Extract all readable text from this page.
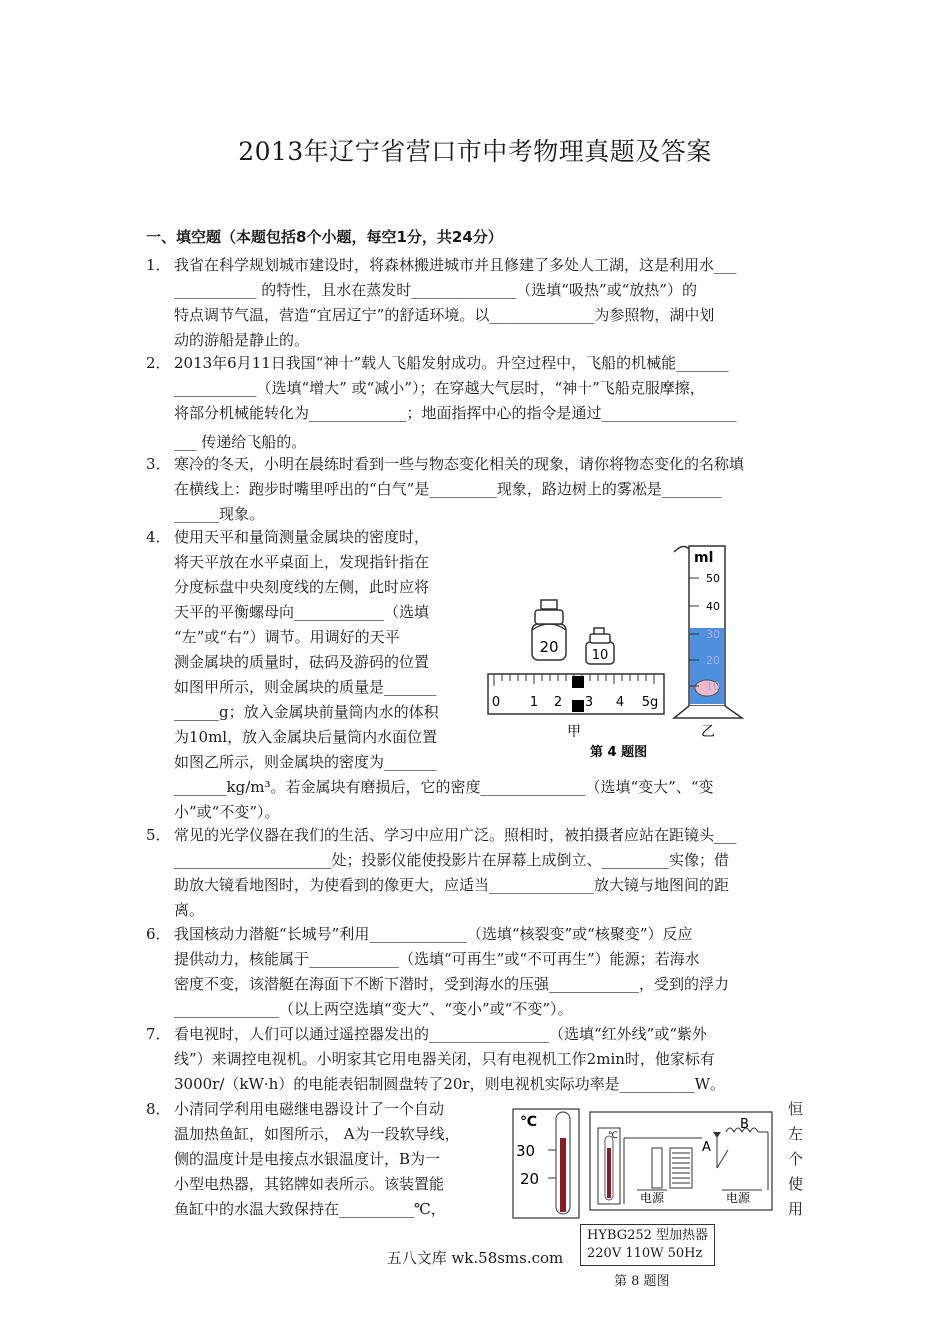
2013年辽宁省营口市中考物理真题及答案
一、填空题（本题包括8个小题，每空1分，共24分）
1． 我省在科学规划城市建设时，将森林搬进城市并且修建了多处人工湖，这是利用水___
___________ 的特性，且水在蒸发时______________（选填“吸热”或“放热”）的
特点调节气温，营造“宜居辽宁”的舒适环境。以______________为参照物，湖中划
动的游船是静止的。
2． 2013年6月11日我国“神十”载人飞船发射成功。升空过程中，飞船的机械能_______
___________（选填“增大” 或“减小”）；在穿越大气层时，“神十”飞船克服摩擦，
将部分机械能转化为_____________；地面指挥中心的指令是通过__________________
___ 传递给飞船的。
3． 寒冷的冬天，小明在晨练时看到一些与物态变化相关的现象，请你将物态变化的名称填
在横线上：跑步时嘴里呼出的“白气”是_________现象，路边树上的雾凇是________
______现象。
4． 使用天平和量筒测量金属块的密度时，
将天平放在水平桌面上，发现指针指在
分度标盘中央刻度线的左侧，此时应将
天平的平衡螺母向____________（选填
“左”或“右”）调节。用调好的天平
测金属块的质量时，砝码及游码的位置
如图甲所示，则金属块的质量是_______
______g；放入金属块前量筒内水的体积
为10ml，放入金属块后量筒内水面位置
如图乙所示，则金属块的密度为_______
_______kg/m³。若金属块有磨损后，它的密度______________（选填“变大”、“变
小”或“不变”）。
20	10
0 1 2 3 4 5g
甲
第 4 题图
ml
50
40
30
20
10
乙
5． 常见的光学仪器在我们的生活、学习中应用广泛。照相时，被拍摄者应站在距镜头___
_____________________处；投影仪能使投影片在屏幕上成倒立、_________实像；借
助放大镜看地图时，为使看到的像更大，应适当______________放大镜与地图间的距
离。
6． 我国核动力潜艇“长城号”利用_____________（选填“核裂变”或“核聚变”）反应
提供动力，核能属于____________（选填“可再生”或“不可再生”）能源；若海水
密度不变，该潜艇在海面下不断下潜时，受到海水的压强____________，受到的浮力
______________（以上两空选填“变大”、“变小”或“不变”）。
7． 看电视时，人们可以通过遥控器发出的________________（选填“红外线”或“紫外
线”）来调控电视机。小明家其它用电器关闭，只有电视机工作2min时，他家标有
3000r/（kW·h）的电能表铝制圆盘转了20r，则电视机实际功率是__________W。
8． 小清同学利用电磁继电器设计了一个自动
温加热鱼缸，如图所示， A为一段软导线，
侧的温度计是电接点水银温度计，B为一
小型电热器，其铭牌如表所示。该装置能
鱼缸中的水温大致保持在__________℃，
恒
左
个
使
用
℃
30
20
℃
电源	电源
A
B
HYBG252 型加热器
220V 110W 50Hz
五八文库 wk.58sms.com
第 8 题图
